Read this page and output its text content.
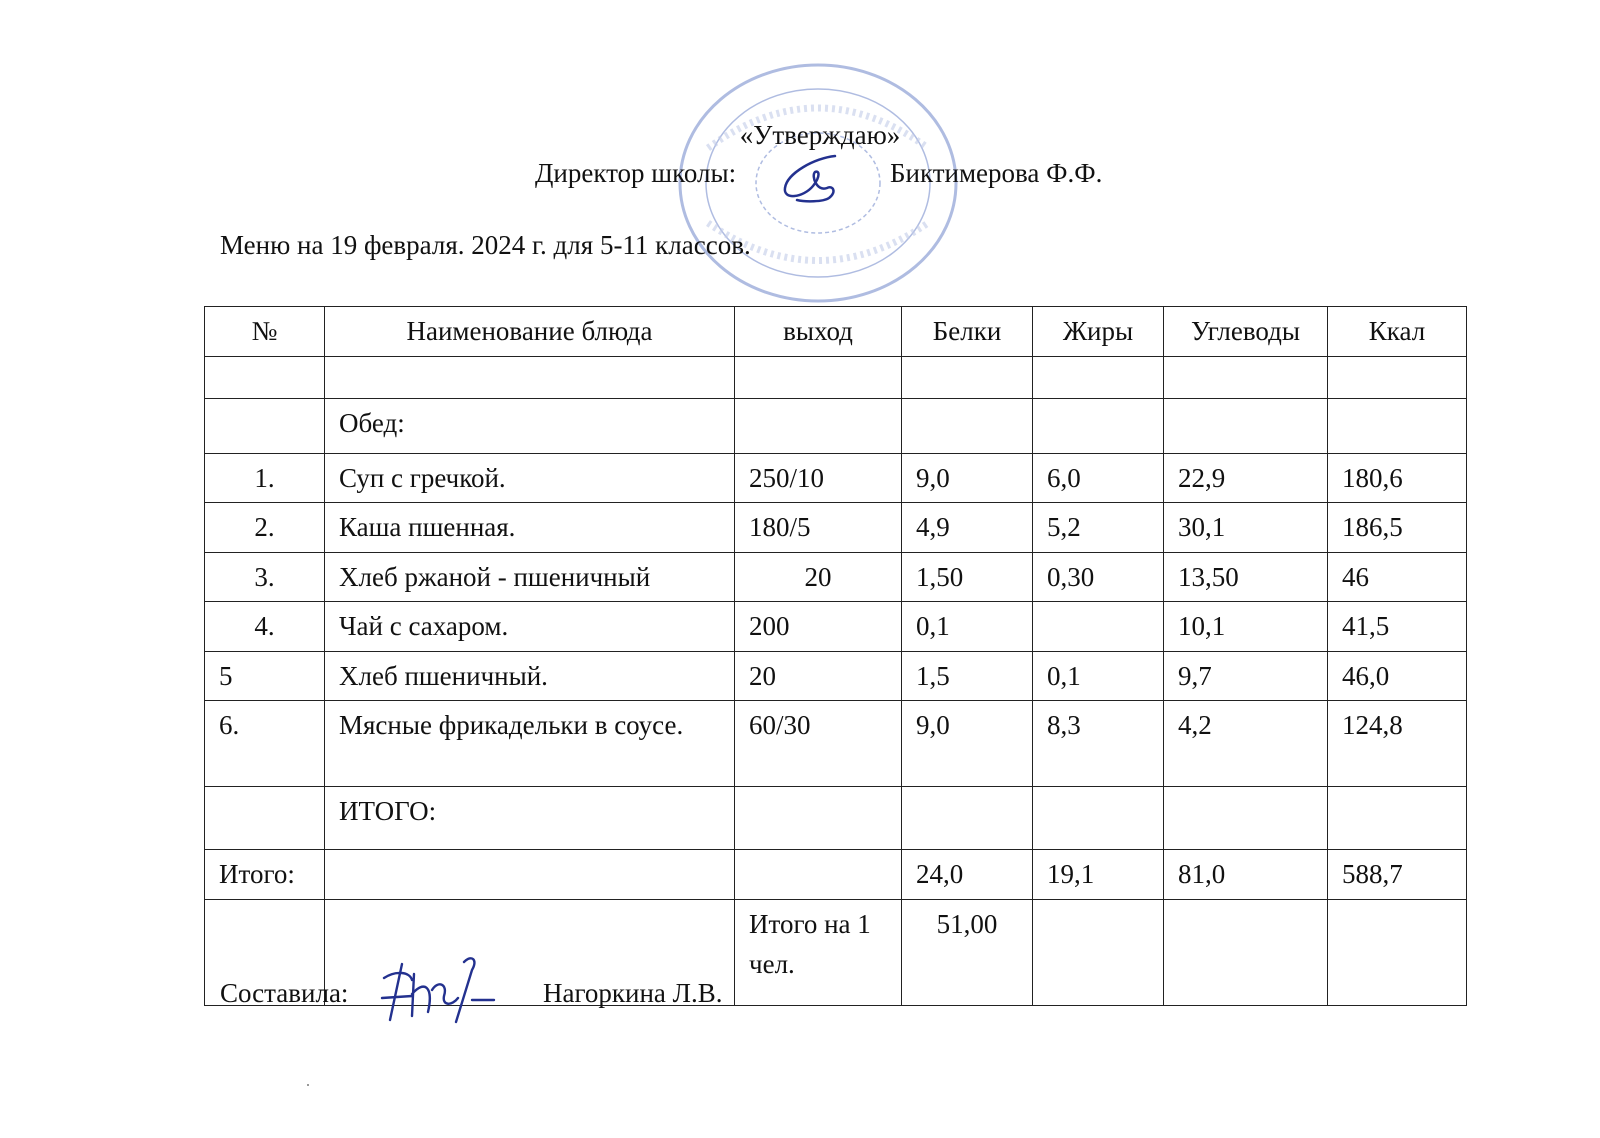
«Утверждаю»
Директор школы:	Биктимерова Ф.Ф.
Меню на 19 февраля. 2024 г. для 5-11 классов.
№	Наименование блюда	выход	Белки	Жиры	Углеводы	Ккал

	Обед:					
1.	Суп с гречкой.	250/10	9,0	6,0	22,9	180,6
2.	Каша пшенная.	180/5	4,9	5,2	30,1	186,5
3.	Хлеб ржаной - пшеничный	20	1,50	0,30	13,50	46
4.	Чай с сахаром.	200	0,1		10,1	41,5
5	Хлеб пшеничный.	20	1,5	0,1	9,7	46,0
6.	Мясные фрикадельки в соусе.	60/30	9,0	8,3	4,2	124,8
	ИТОГО:					
Итого:			24,0	19,1	81,0	588,7
		Итого на 1 чел.	51,00			
Составила:	Нагоркина Л.В.
